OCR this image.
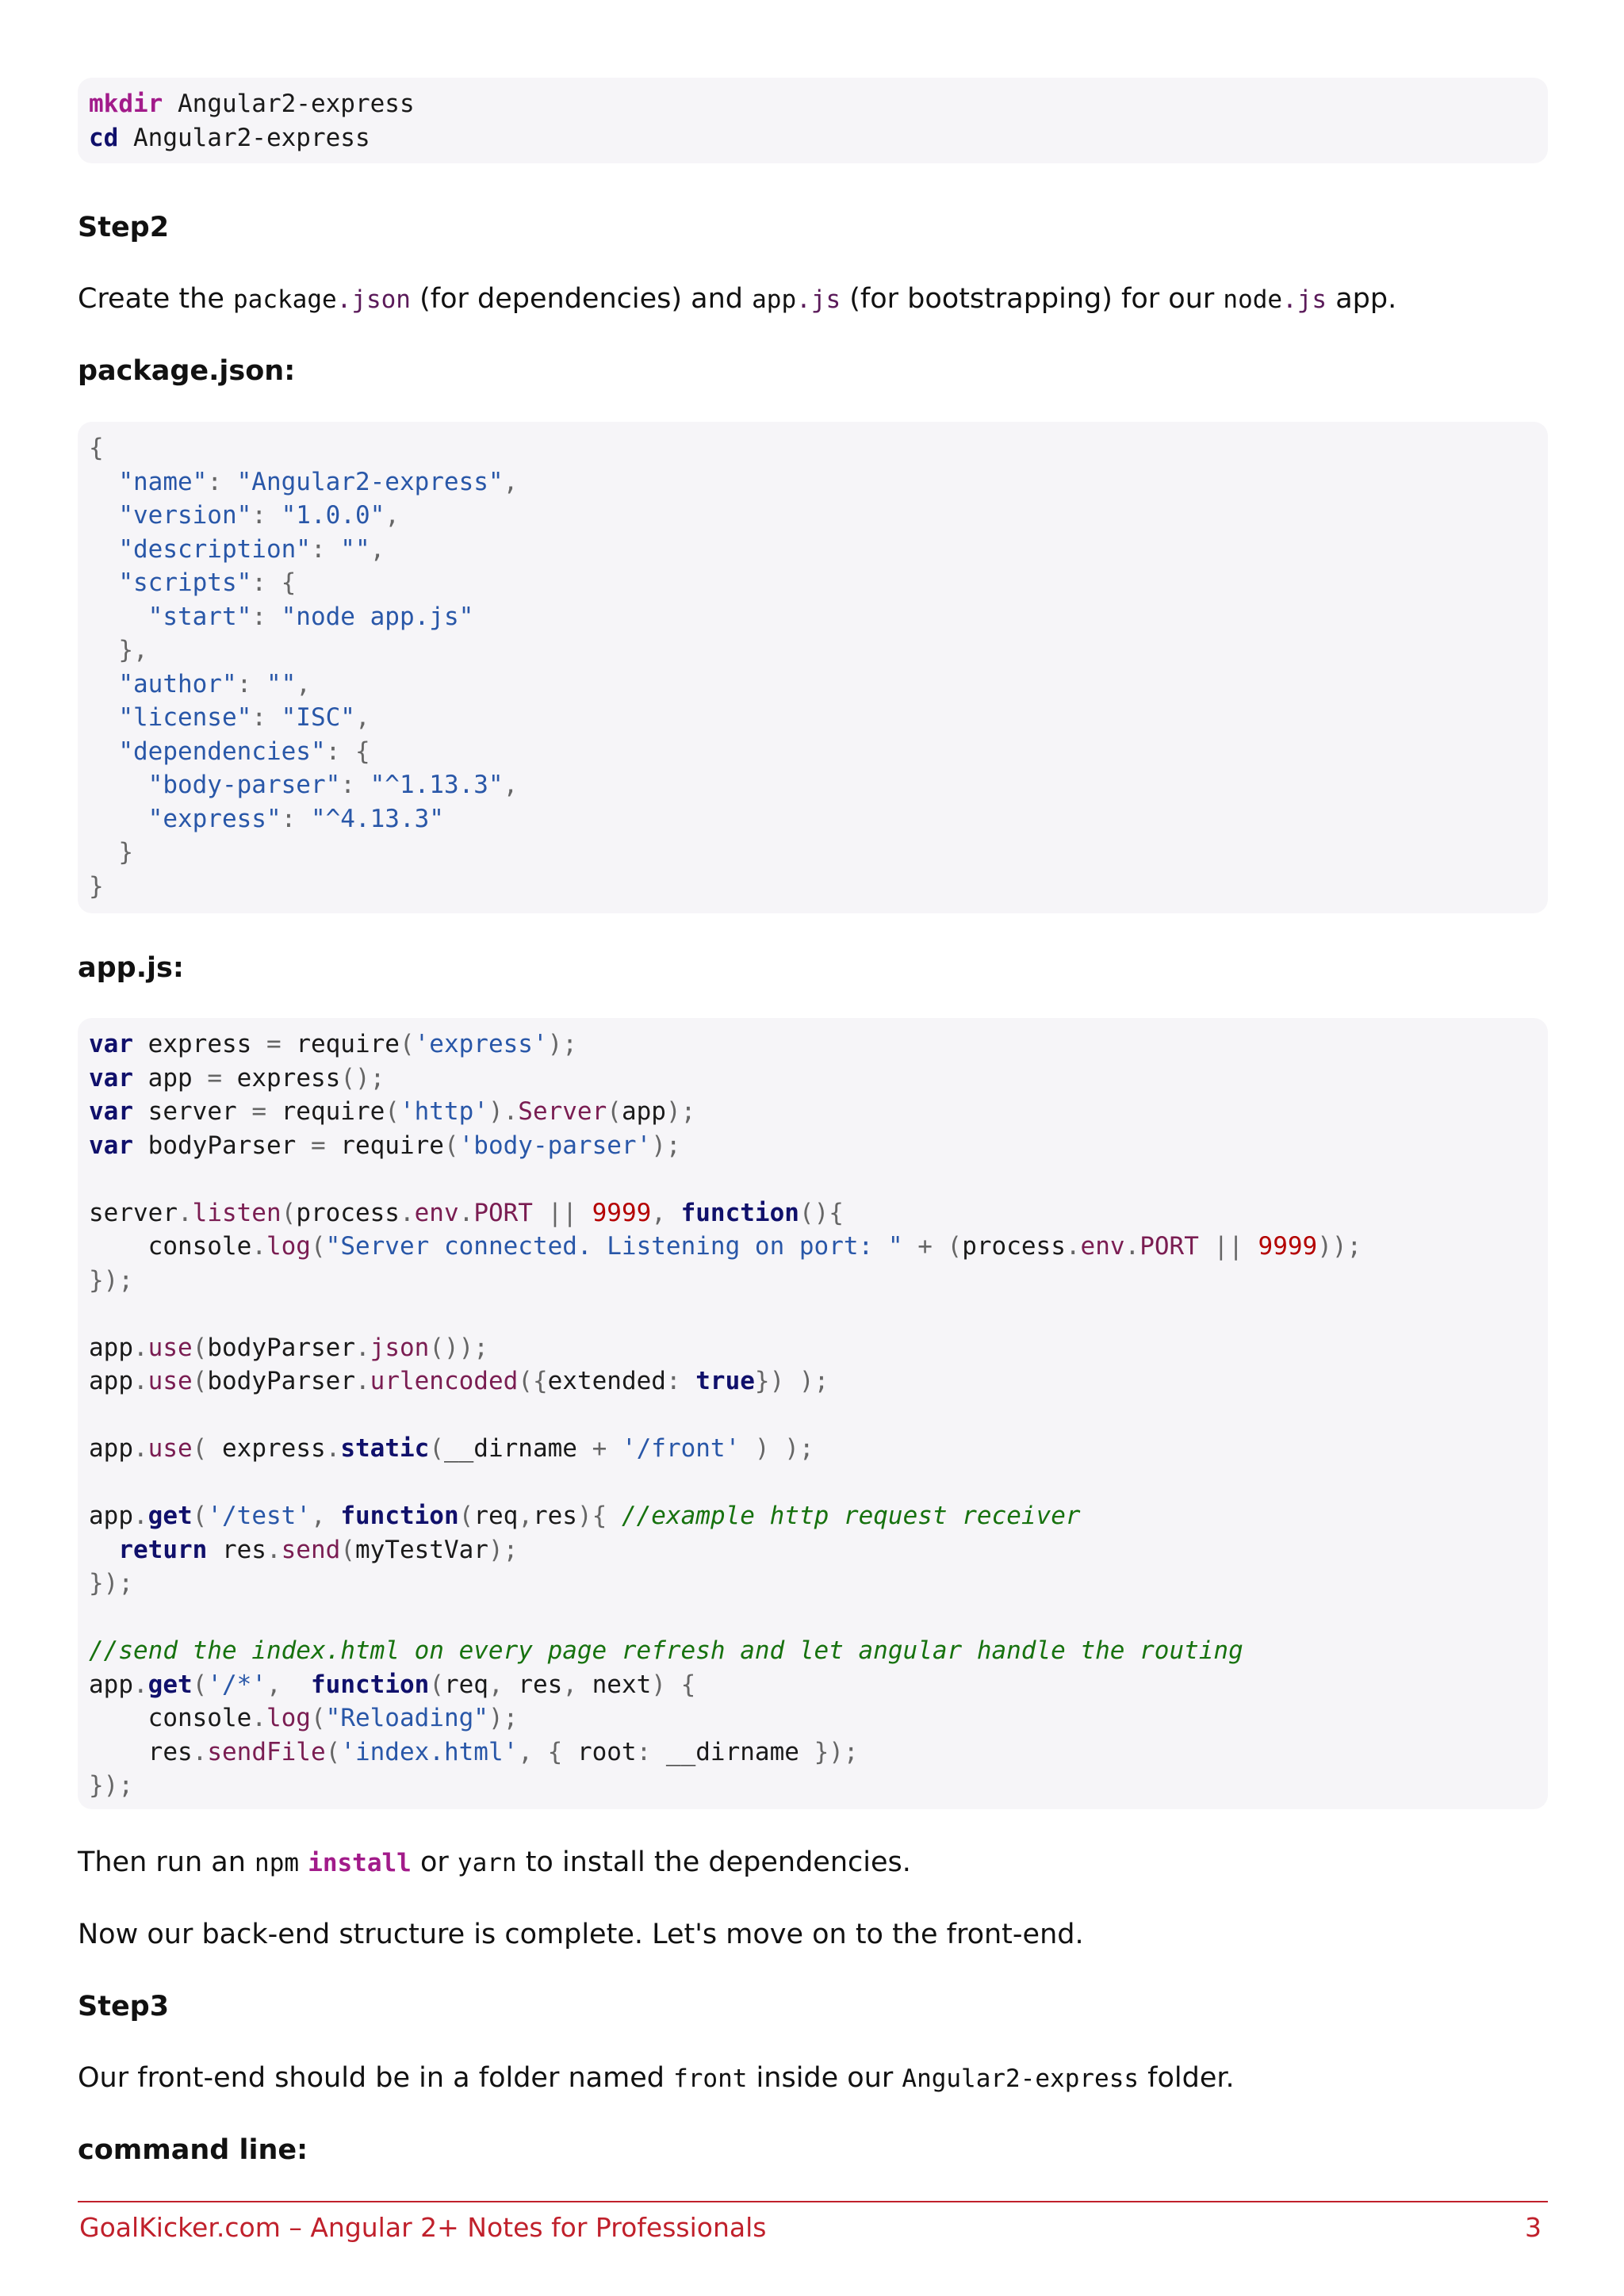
mkdir Angular2-express
cd Angular2-express
Step2
Create the package.json (for dependencies) and app.js (for bootstrapping) for our node.js app.
package.json:
{
"name": "Angular2-express",
"version": "1.0.0",
"description": "",
"scripts": {
"start": "node app.js"
},
"author": "",
"license": "ISC",
"dependencies": {
"body-parser": "^1.13.3",
"express": "^4.13.3"
}
}
app.js:
var express = require('express');
var app = express();
var server = require('http').Server(app);
var bodyParser = require('body-parser');

server.listen(process.env.PORT || 9999, function(){
console.log("Server connected. Listening on port: " + (process.env.PORT || 9999));
});

app.use(bodyParser.json());
app.use(bodyParser.urlencoded({extended: true}) );

app.use( express.static(__dirname + '/front' ) );

app.get('/test', function(req,res){ //example http request receiver
return res.send(myTestVar);
});

//send the index.html on every page refresh and let angular handle the routing
app.get('/*',  function(req, res, next) {
console.log("Reloading");
res.sendFile('index.html', { root: __dirname });
});
Then run an npm install or yarn to install the dependencies.
Now our back-end structure is complete. Let's move on to the front-end.
Step3
Our front-end should be in a folder named front inside our Angular2-express folder.
command line:
GoalKicker.com – Angular 2+ Notes for Professionals	3
